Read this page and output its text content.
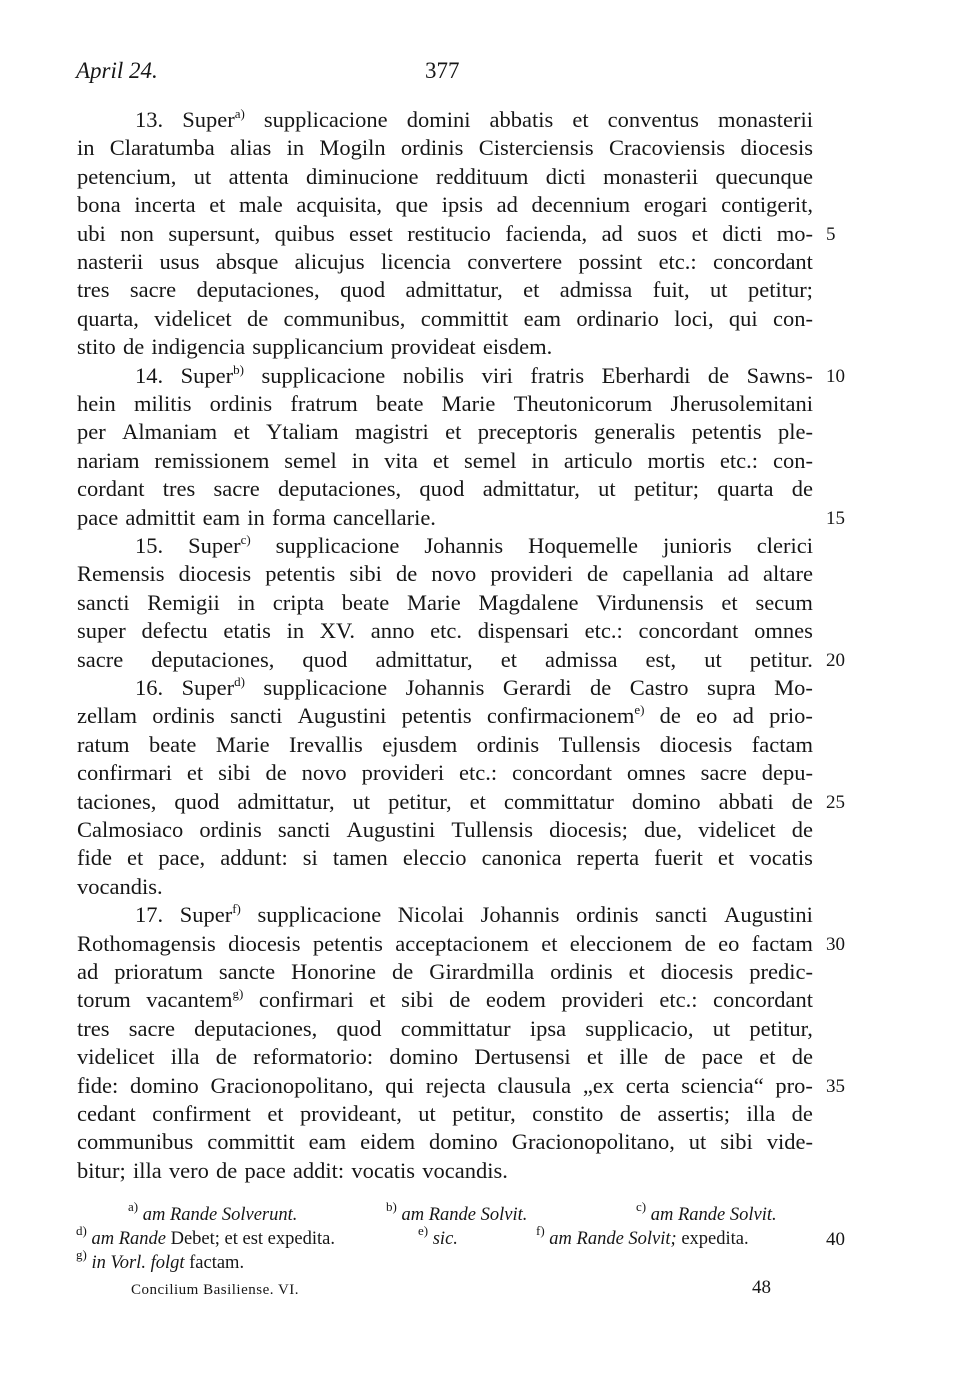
April 24.	377
13. Super$^{a)}$ supplicacione domini abbatis et conventus monasterii
in Claratumba alias in Mogiln ordinis Cisterciensis Cracoviensis diocesis
petencium, ut attenta diminucione reddituum dicti monasterii quecunque
bona incerta et male acquisita, que ipsis ad decennium erogari contigerit,
ubi non supersunt, quibus esset restitucio facienda, ad suos et dicti mo-
nasterii usus absque alicujus licencia convertere possint etc.: concordant
tres sacre deputaciones, quod admittatur, et admissa fuit, ut petitur;
quarta, videlicet de communibus, committit eam ordinario loci, qui con-
stito de indigencia supplicancium provideat eisdem.
14. Super$^{b)}$ supplicacione nobilis viri fratris Eberhardi de Sawns-
hein militis ordinis fratrum beate Marie Theutonicorum Jherusolemitani
per Almaniam et Ytaliam magistri et preceptoris generalis petentis ple-
nariam remissionem semel in vita et semel in articulo mortis etc.: con-
cordant tres sacre deputaciones, quod admittatur, ut petitur; quarta de
pace admittit eam in forma cancellarie.
15. Super$^{c)}$ supplicacione Johannis Hoquemelle junioris clerici
Remensis diocesis petentis sibi de novo provideri de capellania ad altare
sancti Remigii in cripta beate Marie Magdalene Virdunensis et secum
super defectu etatis in XV. anno etc. dispensari etc.: concordant omnes
sacre deputaciones, quod admittatur, et admissa est, ut petitur.
16. Super$^{d)}$ supplicacione Johannis Gerardi de Castro supra Mo-
zellam ordinis sancti Augustini petentis confirmacionem$^{e)}$ de eo ad prio-
ratum beate Marie Irevallis ejusdem ordinis Tullensis diocesis factam
confirmari et sibi de novo provideri etc.: concordant omnes sacre depu-
taciones, quod admittatur, ut petitur, et committatur domino abbati de
Calmosiaco ordinis sancti Augustini Tullensis diocesis; due, videlicet de
fide et pace, addunt: si tamen eleccio canonica reperta fuerit et vocatis
vocandis.
17. Super$^{f)}$ supplicacione Nicolai Johannis ordinis sancti Augustini
Rothomagensis diocesis petentis acceptacionem et eleccionem de eo factam
ad prioratum sancte Honorine de Girardmilla ordinis et diocesis predic-
torum vacantem$^{g)}$ confirmari et sibi de eodem provideri etc.: concordant
tres sacre deputaciones, quod committatur ipsa supplicacio, ut petitur,
videlicet illa de reformatorio: domino Dertusensi et ille de pace et de
fide: domino Gracionopolitano, qui rejecta clausula „ex certa sciencia“ pro-
cedant confirment et provideant, ut petitur, constito de assertis; illa de
communibus committit eam eidem domino Gracionopolitano, ut sibi vide-
bitur; illa vero de pace addit: vocatis vocandis.
5
10
15
20
25
30
35
40
$^{a)}$ am Rande Solverunt.	$^{b)}$ am Rande Solvit.	$^{c)}$ am Rande Solvit.
$^{d)}$ am Rande Debet; et est expedita.	$^{e)}$ sic.	$^{f)}$ am Rande Solvit; expedita.
$^{g)}$ in Vorl. folgt factam.
Concilium Basiliense. VI.	48
